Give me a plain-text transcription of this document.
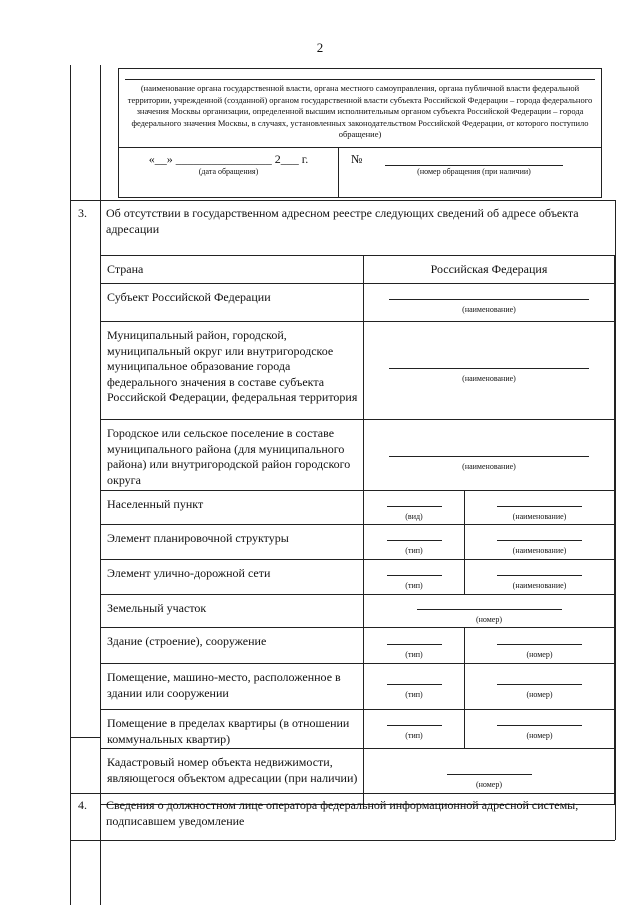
2
(наименование органа государственной власти, органа местного самоуправления, органа публичной власти федеральной территории, учрежденной (созданной) органом государственной власти субъекта Российской Федерации – города федерального значения Москвы организации, определенной высшим исполнительным органом субъекта Российской Федерации – города федерального значения Москвы, в случаях, установленных законодательством Российской Федерации, от которого поступило обращение)
«__» ________________ 2___ г.
(дата обращения)
№
(номер обращения (при наличии)
3. Об отсутствии в государственном адресном реестре следующих сведений об адресе объекта адресации
Страна	Российская Федерация	
Субъект Российской Федерации	(наименование)	

Муниципальный район, городской, муниципальный округ или внутригородское муниципальное образование города федерального значения в составе субъекта Российской Федерации, федеральная территория	(наименование)	

Городское или сельское поселение в составе муниципального района (для муниципального района) или внутригородской район городского округа	(наименование)	

Населенный пункт	(вид)	(наименование)

Элемент планировочной структуры	(тип)	(наименование)

Элемент улично-дорожной сети	(тип)	(наименование)

Земельный участок	(номер)	

Здание (строение), сооружение	(тип)	(номер)

Помещение, машино-место, расположенное в здании или сооружении	(тип)	(номер)

Помещение в пределах квартиры (в отношении коммунальных квартир)	(тип)	(номер)

Кадастровый номер объекта недвижимости, являющегося объектом адресации (при наличии)	(номер)	
4. Сведения о должностном лице оператора федеральной информационной адресной системы, подписавшем уведомление
